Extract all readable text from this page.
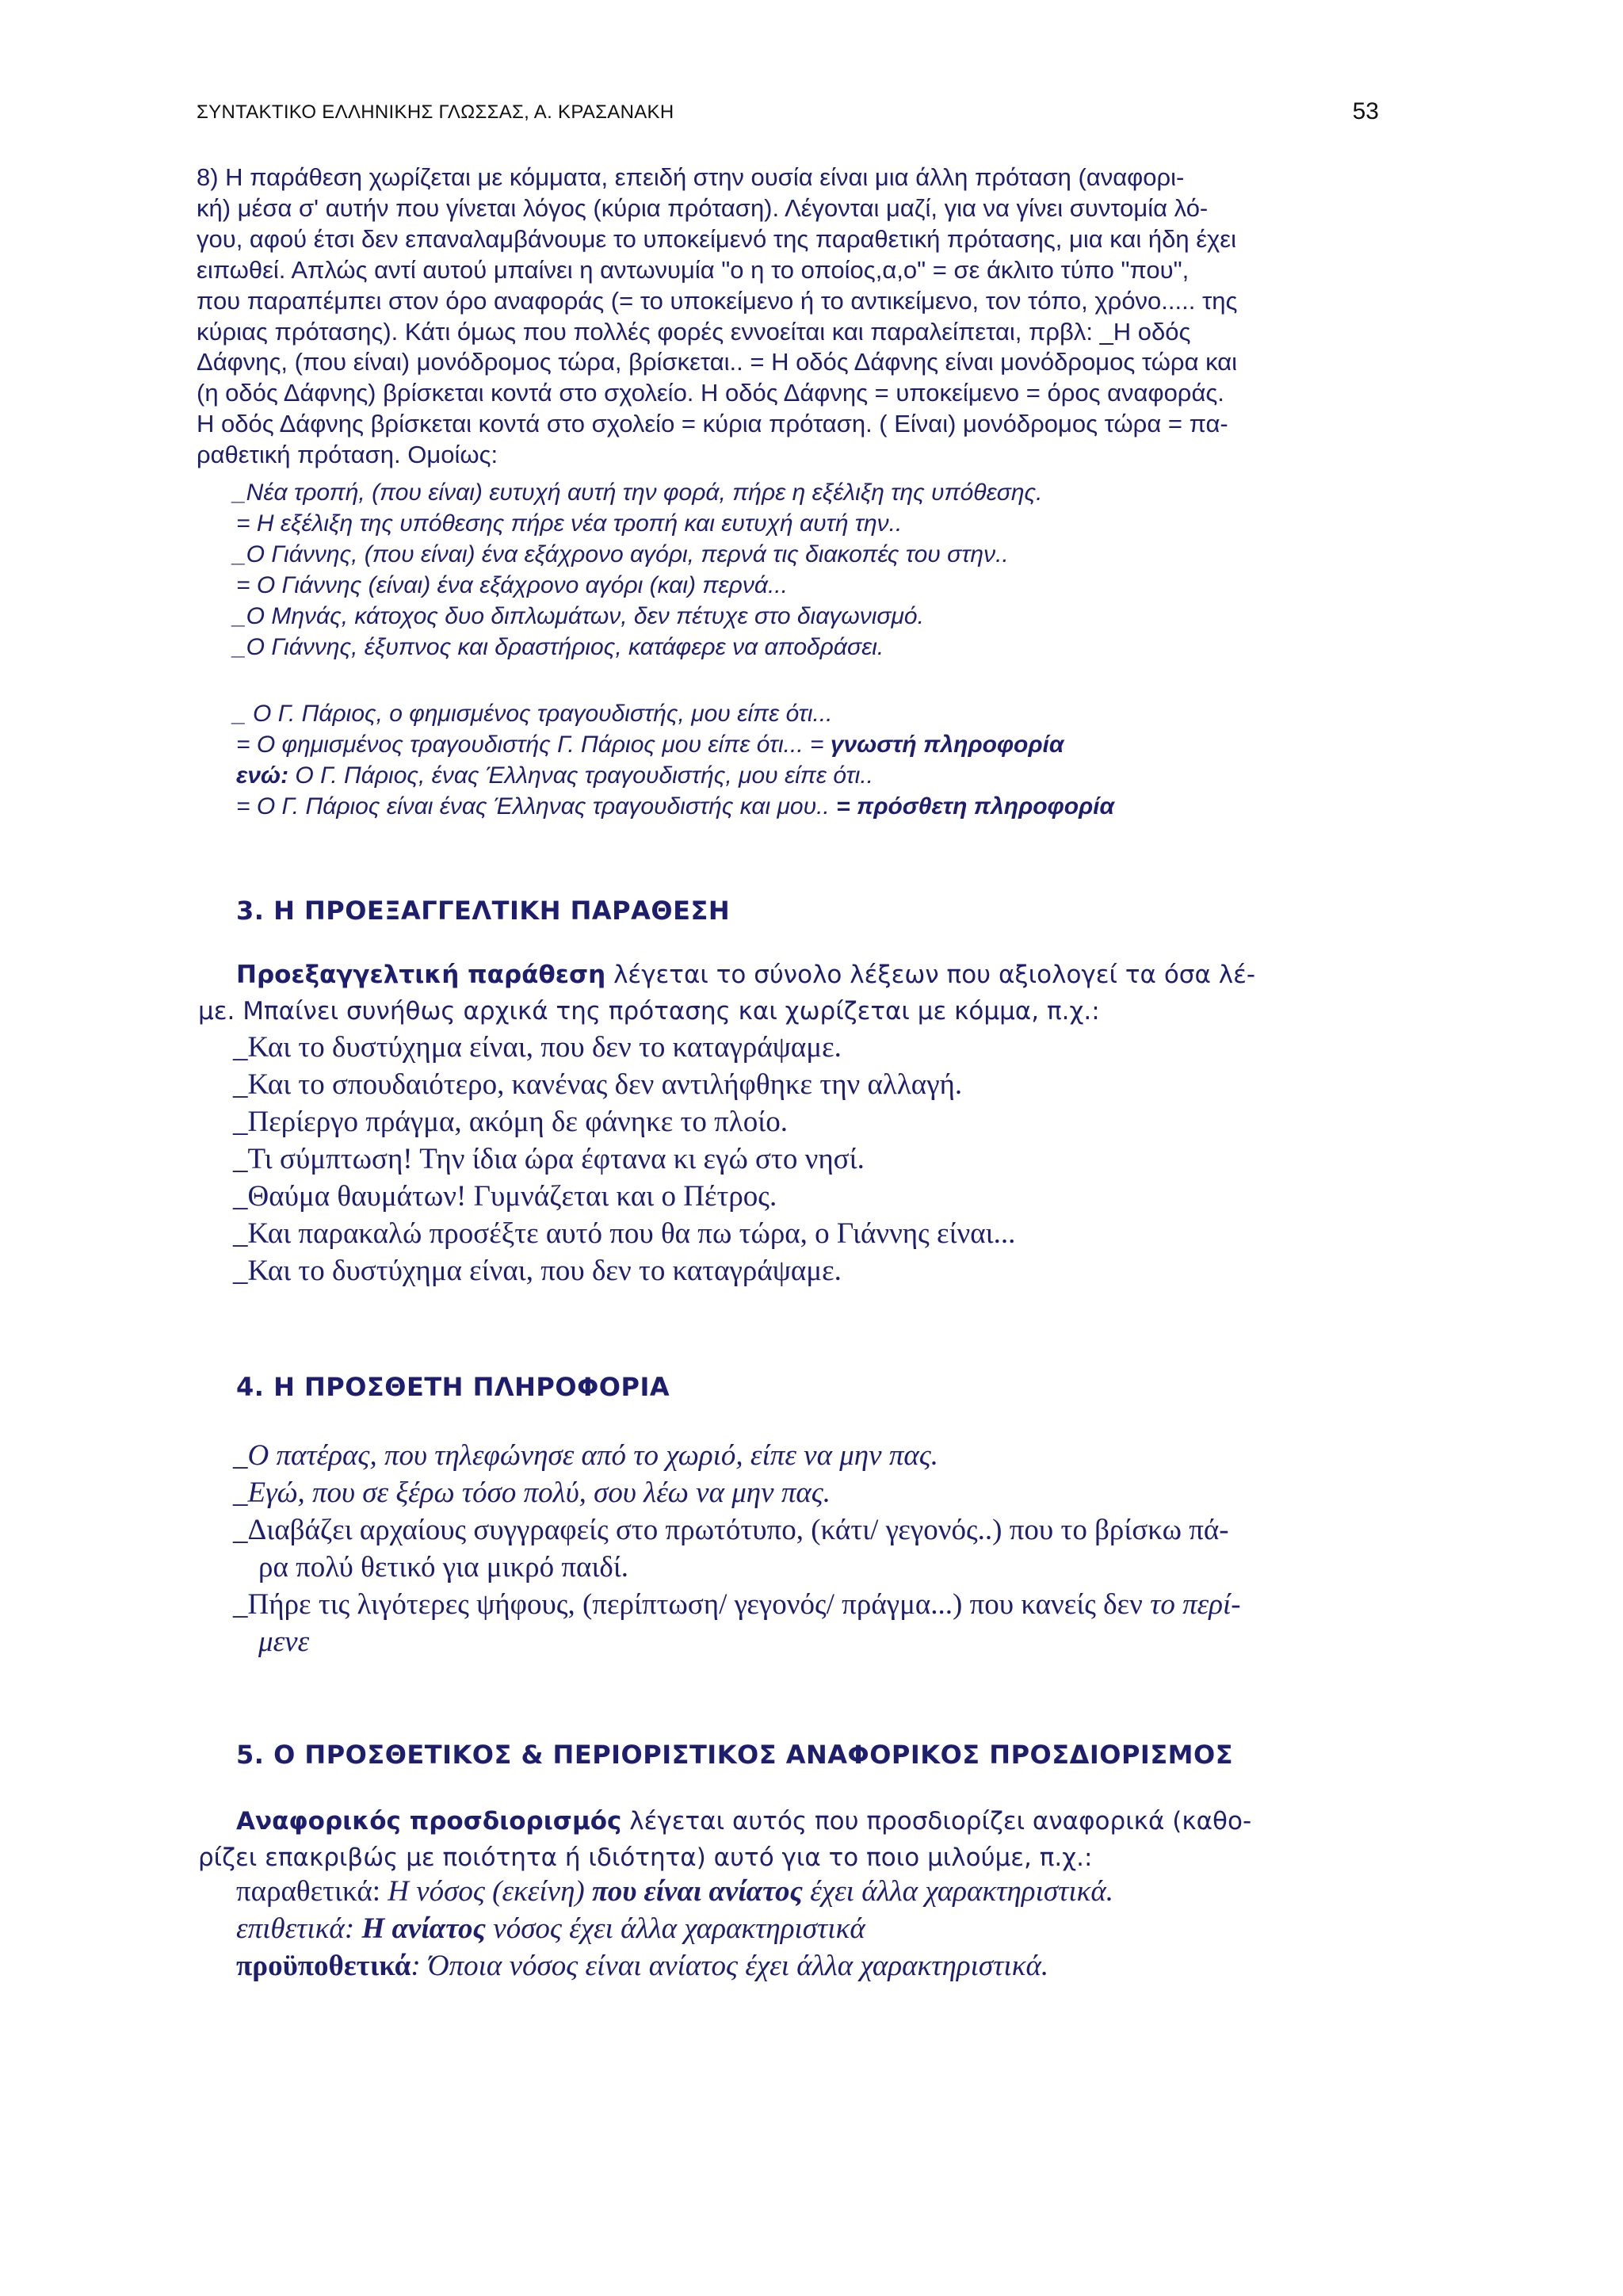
ΣΥΝΤΑΚΤΙΚΟ ΕΛΛΗΝΙΚΗΣ ΓΛΩΣΣΑΣ, Α. ΚΡΑΣΑΝΑΚΗ	53
8) Η παράθεση χωρίζεται με κόμματα, επειδή στην ουσία είναι μια άλλη πρόταση (αναφορι-
κή) μέσα σ' αυτήν που γίνεται λόγος (κύρια πρόταση). Λέγονται μαζί, για να γίνει συντομία λό-
γου, αφού έτσι δεν επαναλαμβάνουμε το υποκείμενό της παραθετική πρότασης, μια και ήδη έχει
ειπωθεί. Απλώς αντί αυτού μπαίνει η αντωνυμία "ο η το οποίος,α,ο" = σε άκλιτο τύπο "που",
που παραπέμπει στον όρο αναφοράς (= το υποκείμενο ή το αντικείμενο, τον τόπο, χρόνο..... της
κύριας πρότασης). Κάτι όμως που πολλές φορές εννοείται και παραλείπεται, πρβλ: _Η οδός
Δάφνης, (που είναι) μονόδρομος τώρα, βρίσκεται.. = Η οδός Δάφνης είναι μονόδρομος τώρα και
(η οδός Δάφνης) βρίσκεται κοντά στο σχολείο. Η οδός Δάφνης = υποκείμενο = όρος αναφοράς.
Η οδός Δάφνης βρίσκεται κοντά στο σχολείο = κύρια πρόταση. ( Είναι) μονόδρομος τώρα = πα-
ραθετική πρόταση. Ομοίως:
_Νέα τροπή, (που είναι) ευτυχή αυτή την φορά, πήρε η εξέλιξη της υπόθεσης.
= Η εξέλιξη της υπόθεσης πήρε νέα τροπή και ευτυχή αυτή την..
_Ο Γιάννης, (που είναι) ένα εξάχρονο αγόρι, περνά τις διακοπές του στην..
= Ο Γιάννης (είναι) ένα εξάχρονο αγόρι (και) περνά...
_Ο Μηνάς, κάτοχος δυο διπλωμάτων, δεν πέτυχε στο διαγωνισμό.
_Ο Γιάννης, έξυπνος και δραστήριος, κατάφερε να αποδράσει.
_ Ο Γ. Πάριος, ο φημισμένος τραγουδιστής, μου είπε ότι...
= Ο φημισμένος τραγουδιστής Γ. Πάριος μου είπε ότι... = γνωστή πληροφορία
ενώ: Ο Γ. Πάριος, ένας Έλληνας τραγουδιστής, μου είπε ότι..
= Ο Γ. Πάριος είναι ένας Έλληνας τραγουδιστής και μου.. = πρόσθετη πληροφορία
3. Η ΠΡΟΕΞΑΓΓΕΛΤΙΚΗ ΠΑΡΑΘΕΣΗ
Προεξαγγελτική παράθεση λέγεται το σύνολο λέξεων που αξιολογεί τα όσα λέ-
με. Μπαίνει συνήθως αρχικά της πρότασης και χωρίζεται με κόμμα, π.χ.:
_Και το δυστύχημα είναι, που δεν το καταγράψαμε.
_Και το σπουδαιότερο, κανένας δεν αντιλήφθηκε την αλλαγή.
_Περίεργο πράγμα, ακόμη δε φάνηκε το πλοίο.
_Τι σύμπτωση! Την ίδια ώρα έφτανα κι εγώ στο νησί.
_Θαύμα θαυμάτων! Γυμνάζεται και ο Πέτρος.
_Και παρακαλώ προσέξτε αυτό που θα πω τώρα, ο Γιάννης είναι...
_Και το δυστύχημα είναι, που δεν το καταγράψαμε.
4. Η ΠΡΟΣΘΕΤΗ ΠΛΗΡΟΦΟΡΙΑ
_Ο πατέρας, που τηλεφώνησε από το χωριό, είπε να μην πας.
_Εγώ, που σε ξέρω τόσο πολύ, σου λέω να μην πας.
_Διαβάζει αρχαίους συγγραφείς στο πρωτότυπο, (κάτι/ γεγονός..) που το βρίσκω πά-
ρα πολύ θετικό για μικρό παιδί.
_Πήρε τις λιγότερες ψήφους, (περίπτωση/ γεγονός/ πράγμα...) που κανείς δεν το περί-
μενε
5. Ο ΠΡΟΣΘΕΤΙΚΟΣ & ΠΕΡΙΟΡΙΣΤΙΚΟΣ ΑΝΑΦΟΡΙΚΟΣ ΠΡΟΣΔΙΟΡΙΣΜΟΣ
Αναφορικός προσδιορισμός λέγεται αυτός που προσδιορίζει αναφορικά (καθο-
ρίζει επακριβώς με ποιότητα ή ιδιότητα) αυτό για το ποιο μιλούμε, π.χ.:
παραθετικά: Η νόσος (εκείνη) που είναι ανίατος έχει άλλα χαρακτηριστικά.
επιθετικά: Η ανίατος νόσος έχει άλλα χαρακτηριστικά
προϋποθετικά: Όποια νόσος είναι ανίατος έχει άλλα χαρακτηριστικά.
